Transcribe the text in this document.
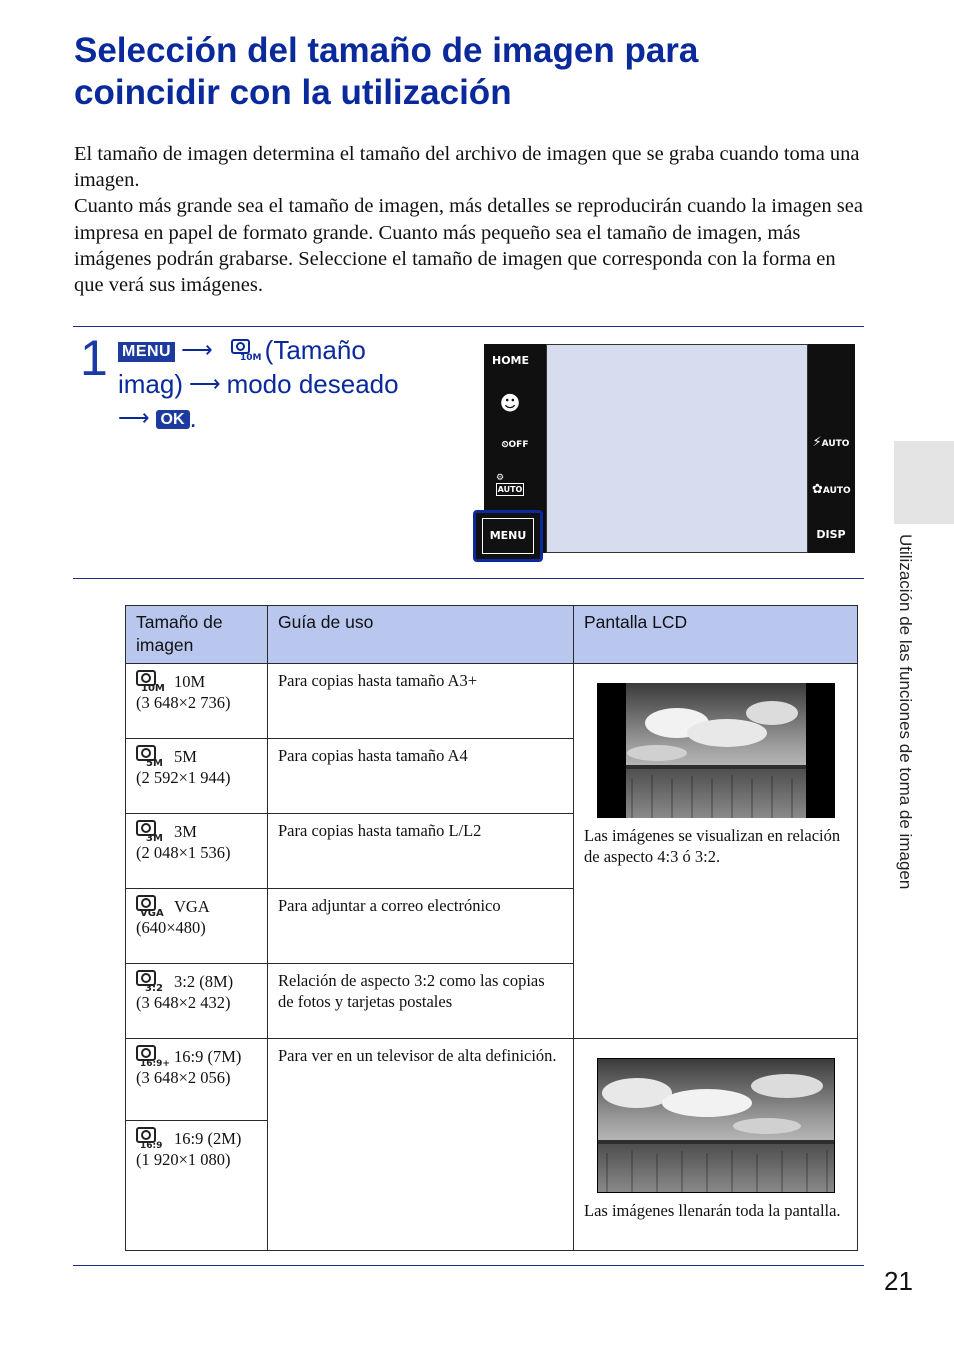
Selección del tamaño de imagen para
coincidir con la utilización

El tamaño de imagen determina el tamaño del archivo de imagen que se graba cuando toma una imagen.

Cuanto más grande sea el tamaño de imagen, más detalles se reproducirán cuando la imagen sea impresa en papel de formato grande. Cuanto más pequeño sea el tamaño de imagen, más imágenes podrán grabarse. Seleccione el tamaño de imagen que corresponda con la forma en que verá sus imágenes.

1 MENU ⟶	10M (Tamaño
imag) ⟶ modo deseado
⟶ OK .
HOME
☻
⏲OFF
⚙
AUTO
⚡AUTO
✿AUTO
DISP
MENU
Tamaño de imagen	Guía de uso	Pantalla LCD

10M 10M
(3 648×2 736)	Para copias hasta tamaño A3+	Las imágenes se visualizan en relación de aspecto 4:3 ó 3:2.

5M 5M
(2 592×1 944)	Para copias hasta tamaño A4	

3M 3M
(2 048×1 536)	Para copias hasta tamaño L/L2	

VGA VGA
(640×480)	Para adjuntar a correo electrónico	

3:2 3:2 (8M)
(3 648×2 432)	Relación de aspecto 3:2 como las copias de fotos y tarjetas postales	

16:9+ 16:9 (7M)
(3 648×2 056)	Para ver en un televisor de alta definición.	Las imágenes llenarán toda la pantalla.

16:9 16:9 (2M)
(1 920×1 080)		
Utilización de las funciones de toma de imagen
21
